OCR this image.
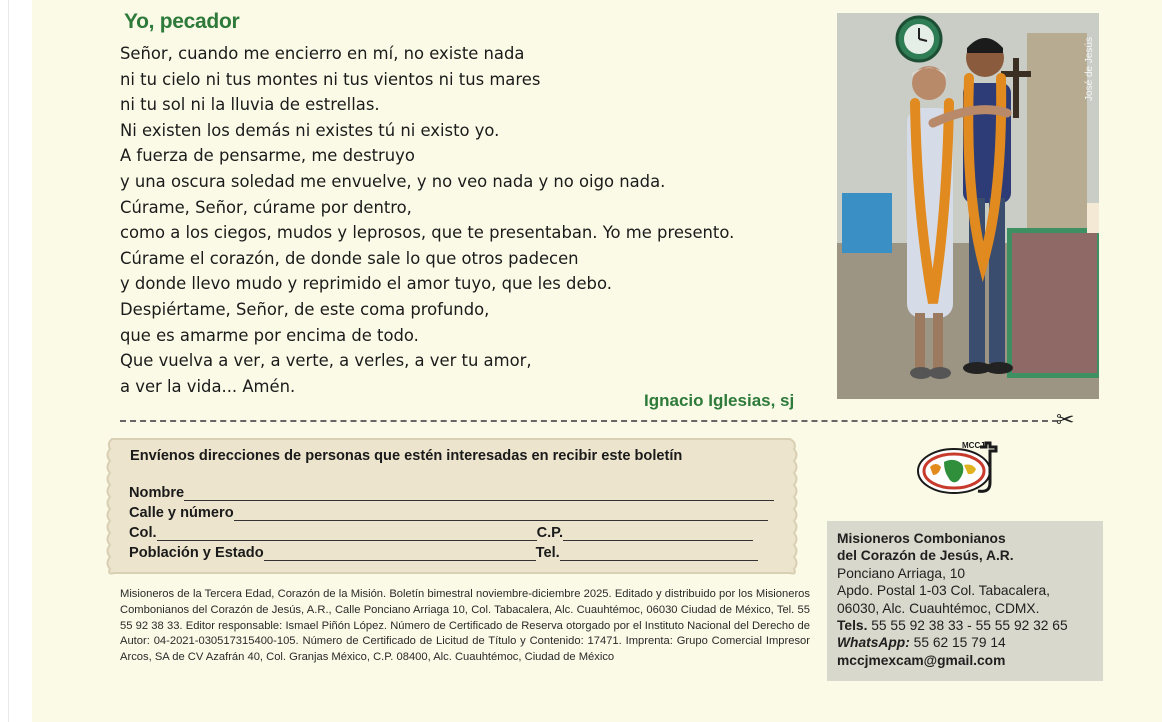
Yo, pecador
Señor, cuando me encierro en mí, no existe nada
ni tu cielo ni tus montes ni tus vientos ni tus mares
ni tu sol ni la lluvia de estrellas.
Ni existen los demás ni existes tú ni existo yo.
A fuerza de pensarme, me destruyo
y una oscura soledad me envuelve, y no veo nada y no oigo nada.
Cúrame, Señor, cúrame por dentro,
como a los ciegos, mudos y leprosos, que te presentaban. Yo me presento.
Cúrame el corazón, de donde sale lo que otros padecen
y donde llevo mudo y reprimido el amor tuyo, que les debo.
Despiértame, Señor, de este coma profundo,
que es amarme por encima de todo.
Que vuelva a ver, a verte, a verles, a ver tu amor,
a ver la vida... Amén.
Ignacio Iglesias, sj
José de Jesús
✂
Envíenos direcciones de personas que estén interesadas en recibir este boletín
Nombre
Calle y número
Col.	C.P.
Población y Estado	Tel.
MCCJ
Misioneros Combonianos
del Corazón de Jesús, A.R.
Ponciano Arriaga, 10
Apdo. Postal 1-03 Col. Tabacalera,
06030, Alc. Cuauhtémoc, CDMX.
Tels. 55 55 92 38 33 - 55 55 92 32 65
WhatsApp: 55 62 15 79 14
mccjmexcam@gmail.com
Misioneros de la Tercera Edad, Corazón de la Misión. Boletín bimestral noviembre-diciembre 2025. Editado y distribuido por los Misioneros Combonianos del Corazón de Jesús, A.R., Calle Ponciano Arriaga 10, Col. Tabacalera, Alc. Cuauhtémoc, 06030 Ciudad de México, Tel. 55 55 92 38 33. Editor responsable: Ismael Piñón López. Número de Certificado de Reserva otorgado por el Instituto Nacional del Derecho de Autor: 04-2021-030517315400-105. Número de Certificado de Licitud de Título y Contenido: 17471. Imprenta: Grupo Comercial Impresor Arcos, SA de CV Azafrán 40, Col. Granjas México, C.P. 08400, Alc. Cuauhtémoc, Ciudad de México
